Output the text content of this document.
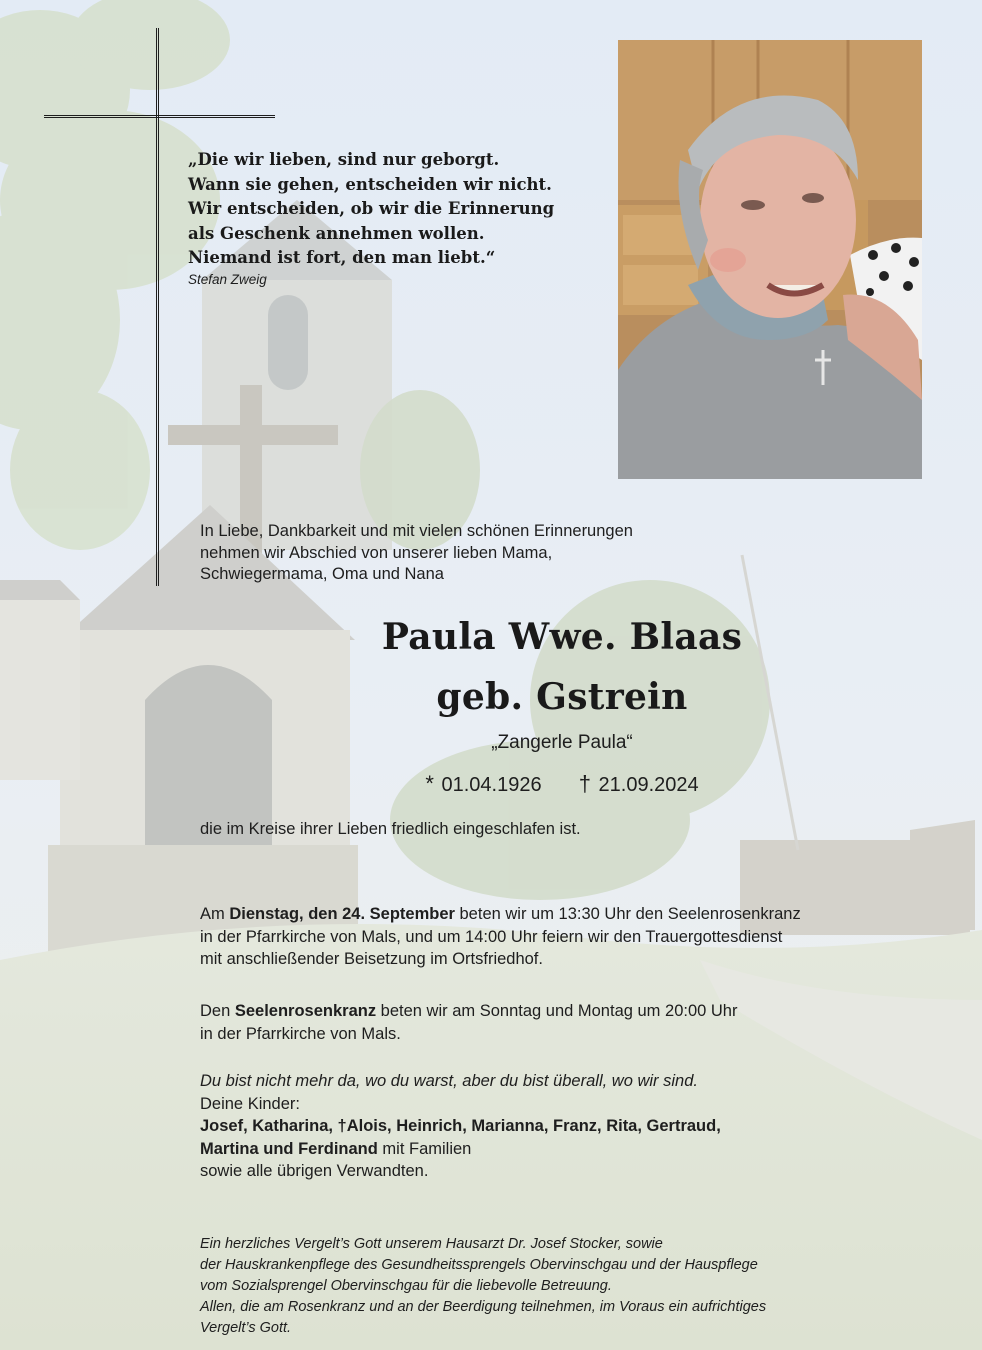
„Die wir lieben, sind nur geborgt.
Wann sie gehen, entscheiden wir nicht.
Wir entscheiden, ob wir die Erinnerung
als Geschenk annehmen wollen.
Niemand ist fort, den man liebt.“
Stefan Zweig
In Liebe, Dankbarkeit und mit vielen schönen Erinnerungen
nehmen wir Abschied von unserer lieben Mama,
Schwiegermama, Oma und Nana
Paula Wwe. Blaas
geb. Gstrein
„Zangerle Paula“
* 01.04.1926 † 21.09.2024
die im Kreise ihrer Lieben friedlich eingeschlafen ist.
Am Dienstag, den 24. September beten wir um 13:30 Uhr den Seelenrosenkranz
in der Pfarrkirche von Mals, und um 14:00 Uhr feiern wir den Trauergottesdienst
mit anschließender Beisetzung im Ortsfriedhof.
Den Seelenrosenkranz beten wir am Sonntag und Montag um 20:00 Uhr
in der Pfarrkirche von Mals.
Du bist nicht mehr da, wo du warst, aber du bist überall, wo wir sind.
Deine Kinder:
Josef, Katharina, †Alois, Heinrich, Marianna, Franz, Rita, Gertraud,
Martina und Ferdinand mit Familien
sowie alle übrigen Verwandten.
Ein herzliches Vergelt’s Gott unserem Hausarzt Dr. Josef Stocker, sowie
der Hauskrankenpflege des Gesundheitssprengels Obervinschgau und der Hauspflege
vom Sozialsprengel Obervinschgau für die liebevolle Betreuung.
Allen, die am Rosenkranz und an der Beerdigung teilnehmen, im Voraus ein aufrichtiges
Vergelt’s Gott.
